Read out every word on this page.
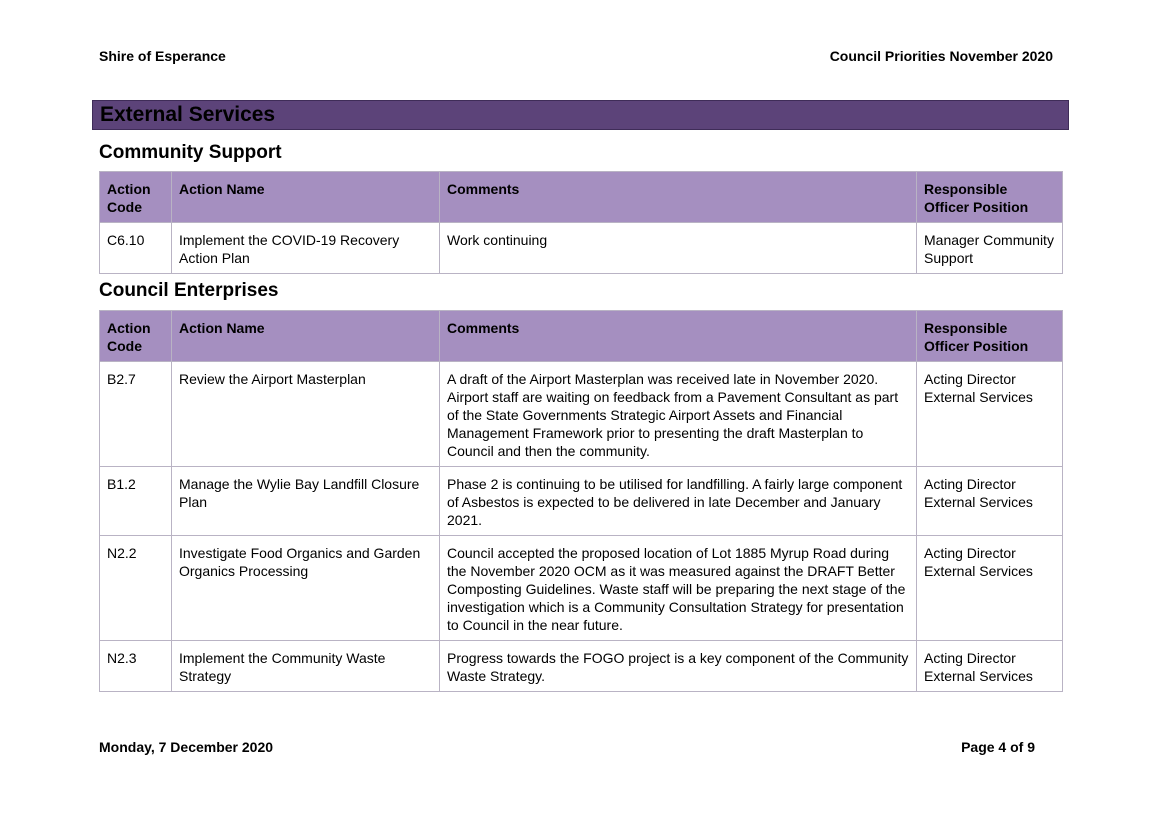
Shire of Esperance	Council Priorities November 2020
External Services
Community Support
Action Code	Action Name	Comments	Responsible Officer Position
C6.10	Implement the COVID-19 Recovery Action Plan	Work continuing	Manager Community Support
Council Enterprises
Action Code	Action Name	Comments	Responsible Officer Position
B2.7	Review the Airport Masterplan	A draft of the Airport Masterplan was received late in November 2020. Airport staff are waiting on feedback from a Pavement Consultant as part of the State Governments Strategic Airport Assets and Financial Management Framework prior to presenting the draft Masterplan to Council and then the community.	Acting Director External Services
B1.2	Manage the Wylie Bay Landfill Closure Plan	Phase 2 is continuing to be utilised for landfilling. A fairly large component of Asbestos is expected to be delivered in late December and January 2021.	Acting Director External Services
N2.2	Investigate Food Organics and Garden Organics Processing	Council accepted the proposed location of Lot 1885 Myrup Road during the November 2020 OCM as it was measured against the DRAFT Better Composting Guidelines. Waste staff will be preparing the next stage of the investigation which is a Community Consultation Strategy for presentation to Council in the near future.	Acting Director External Services
N2.3	Implement the Community Waste Strategy	Progress towards the FOGO project is a key component of the Community Waste Strategy.	Acting Director External Services
Monday, 7 December 2020	Page 4 of 9
